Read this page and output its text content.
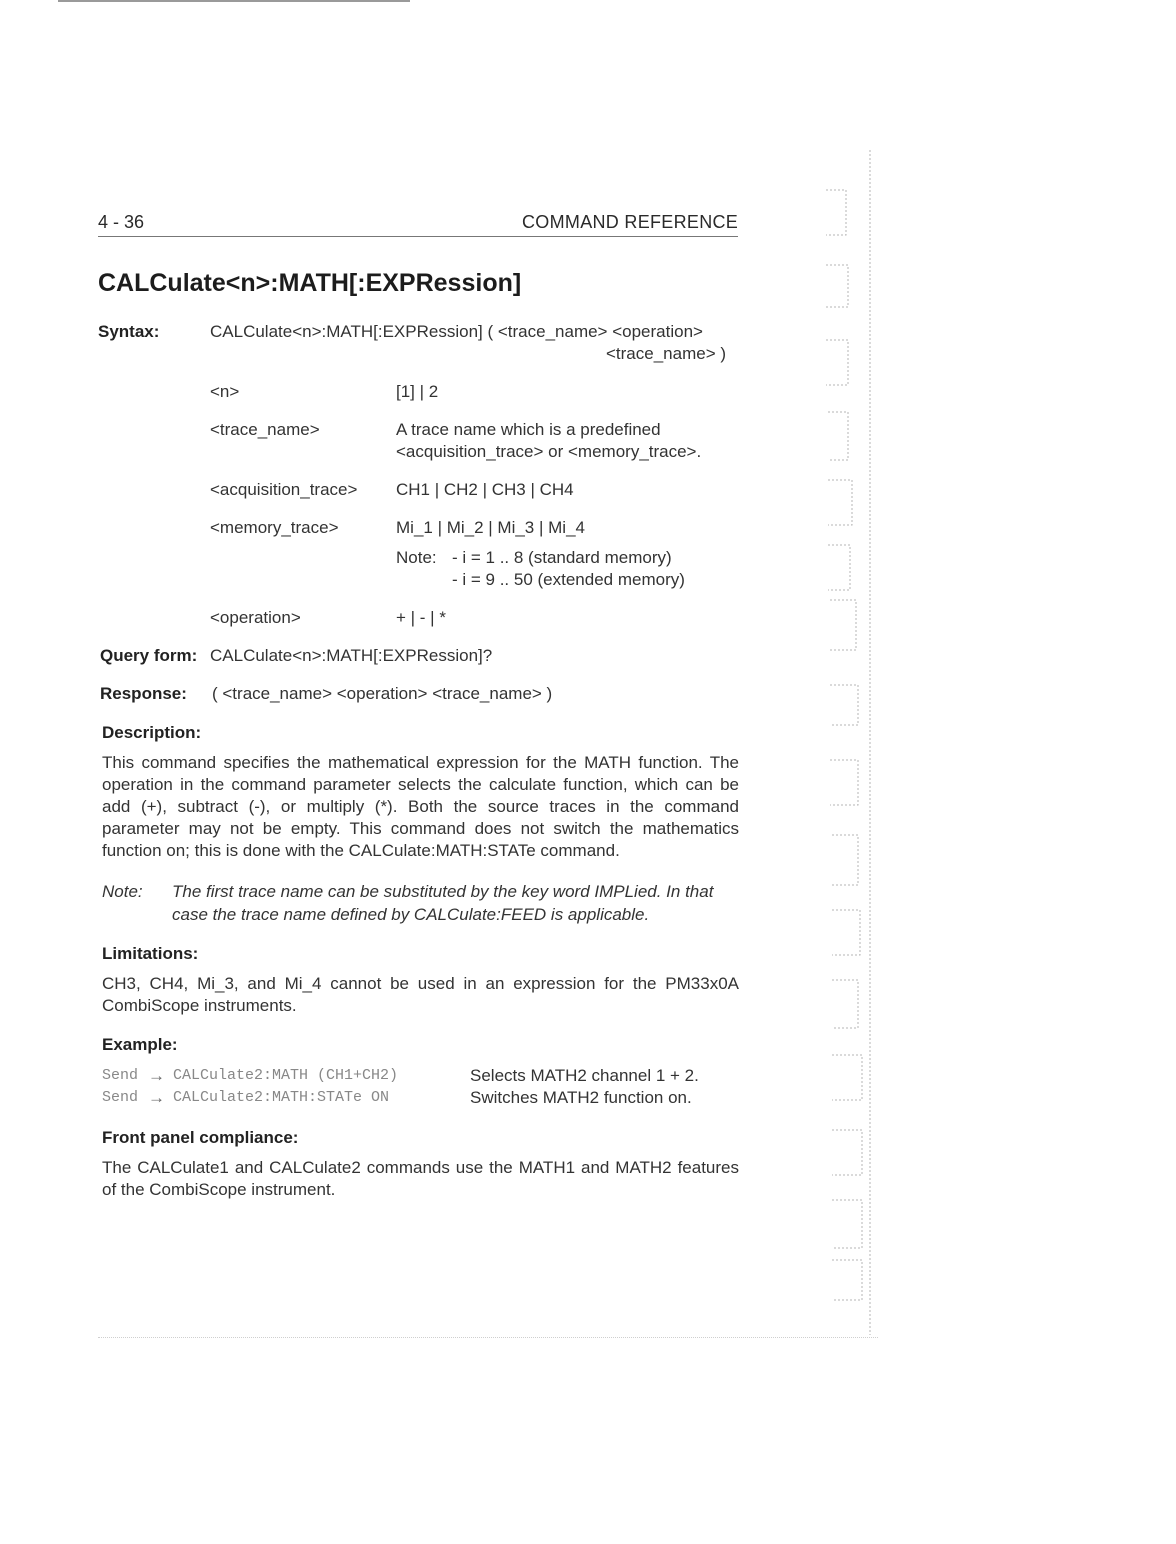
4 - 36	COMMAND REFERENCE
CALCulate<n>:MATH[:EXPRession]
Syntax:	CALCulate<n>:MATH[:EXPRession] ( <trace_name> <operation>
<trace_name> )
<n>	[1] | 2
<trace_name>	A trace name which is a predefined
<acquisition_trace> or <memory_trace>.
<acquisition_trace> CH1 | CH2 | CH3 | CH4
<memory_trace>	Mi_1 | Mi_2 | Mi_3 | Mi_4
Note: - i = 1 .. 8 (standard memory)
- i = 9 .. 50 (extended memory)
<operation>	+ | - | *
Query form: CALCulate<n>:MATH[:EXPRession]?
Response: ( <trace_name> <operation> <trace_name> )
Description:
This command specifies the mathematical expression for the MATH function. The operation in the command parameter selects the calculate function, which can be add (+), subtract (-), or multiply (*). Both the source traces in the command parameter may not be empty. This command does not switch the mathematics function on; this is done with the CALCulate:MATH:STATe command.
Note: The first trace name can be substituted by the key word IMPLied. In that
case the trace name defined by CALCulate:FEED is applicable.
Limitations:
CH3, CH4, Mi_3, and Mi_4 cannot be used in an expression for the PM33x0A CombiScope instruments.
Example:
Send → CALCulate2:MATH (CH1+CH2)	Selects MATH2 channel 1 + 2.
Send → CALCulate2:MATH:STATe ON	Switches MATH2 function on.
Front panel compliance:
The CALCulate1 and CALCulate2 commands use the MATH1 and MATH2 features of the CombiScope instrument.
